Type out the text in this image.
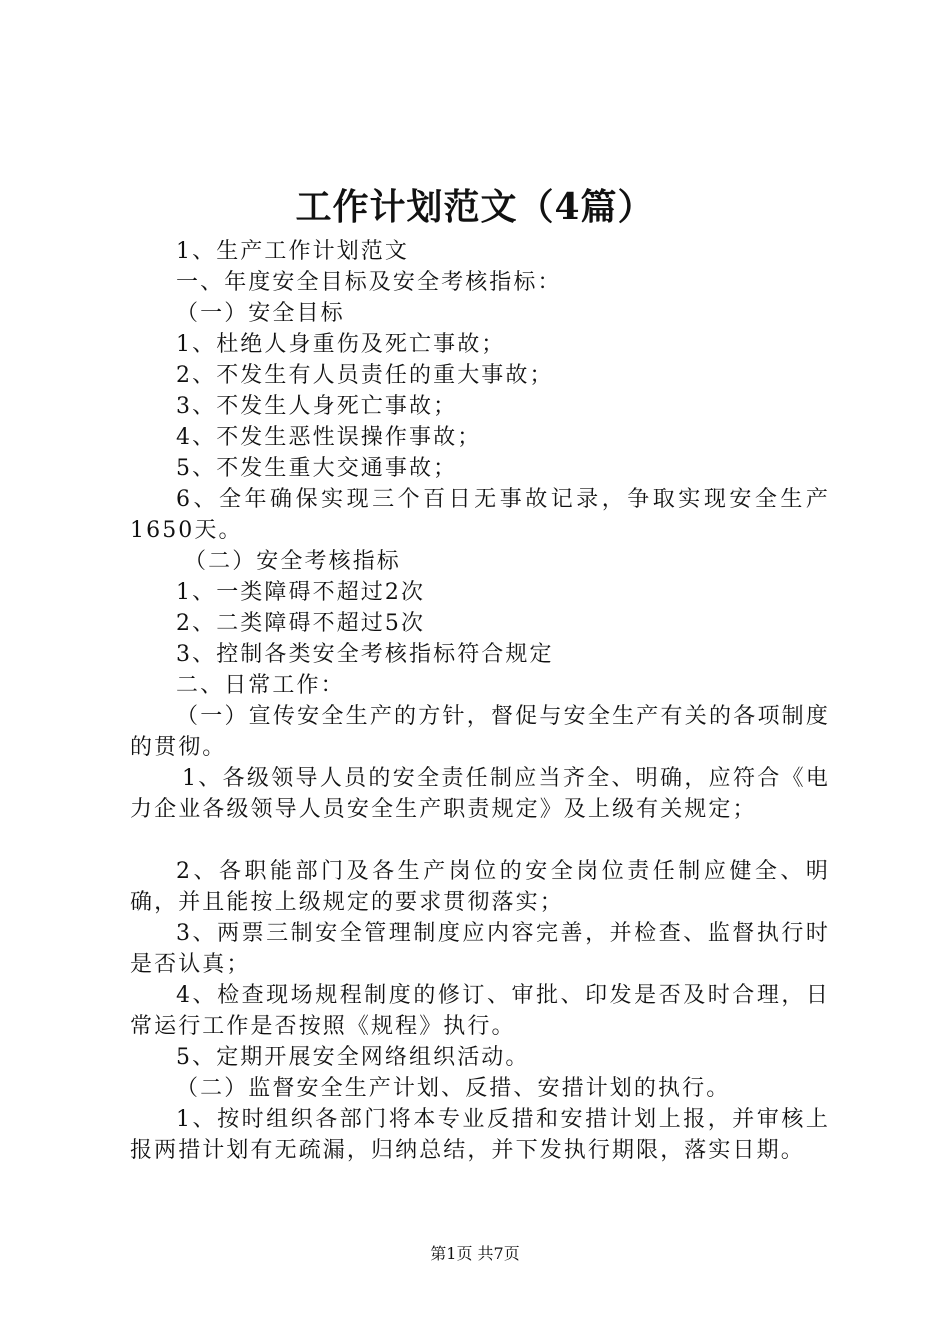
工作计划范文（4篇）

1、生产工作计划范文

一、年度安全目标及安全考核指标：

（一）安全目标

1、杜绝人身重伤及死亡事故；

2、不发生有人员责任的重大事故；

3、不发生人身死亡事故；

4、不发生恶性误操作事故；

5、不发生重大交通事故；

6、全年确保实现三个百日无事故记录，争取实现安全生产1650天。

（二）安全考核指标

1、一类障碍不超过2次

2、二类障碍不超过5次

3、控制各类安全考核指标符合规定

二、日常工作：

（一）宣传安全生产的方针，督促与安全生产有关的各项制度的贯彻。

1、各级领导人员的安全责任制应当齐全、明确，应符合《电力企业各级领导人员安全生产职责规定》及上级有关规定；

2、各职能部门及各生产岗位的安全岗位责任制应健全、明确，并且能按上级规定的要求贯彻落实；

3、两票三制安全管理制度应内容完善，并检查、监督执行时是否认真；

4、检查现场规程制度的修订、审批、印发是否及时合理，日常运行工作是否按照《规程》执行。

5、定期开展安全网络组织活动。

（二）监督安全生产计划、反措、安措计划的执行。

1、按时组织各部门将本专业反措和安措计划上报，并审核上报两措计划有无疏漏，归纳总结，并下发执行期限，落实日期。

第1页 共7页
